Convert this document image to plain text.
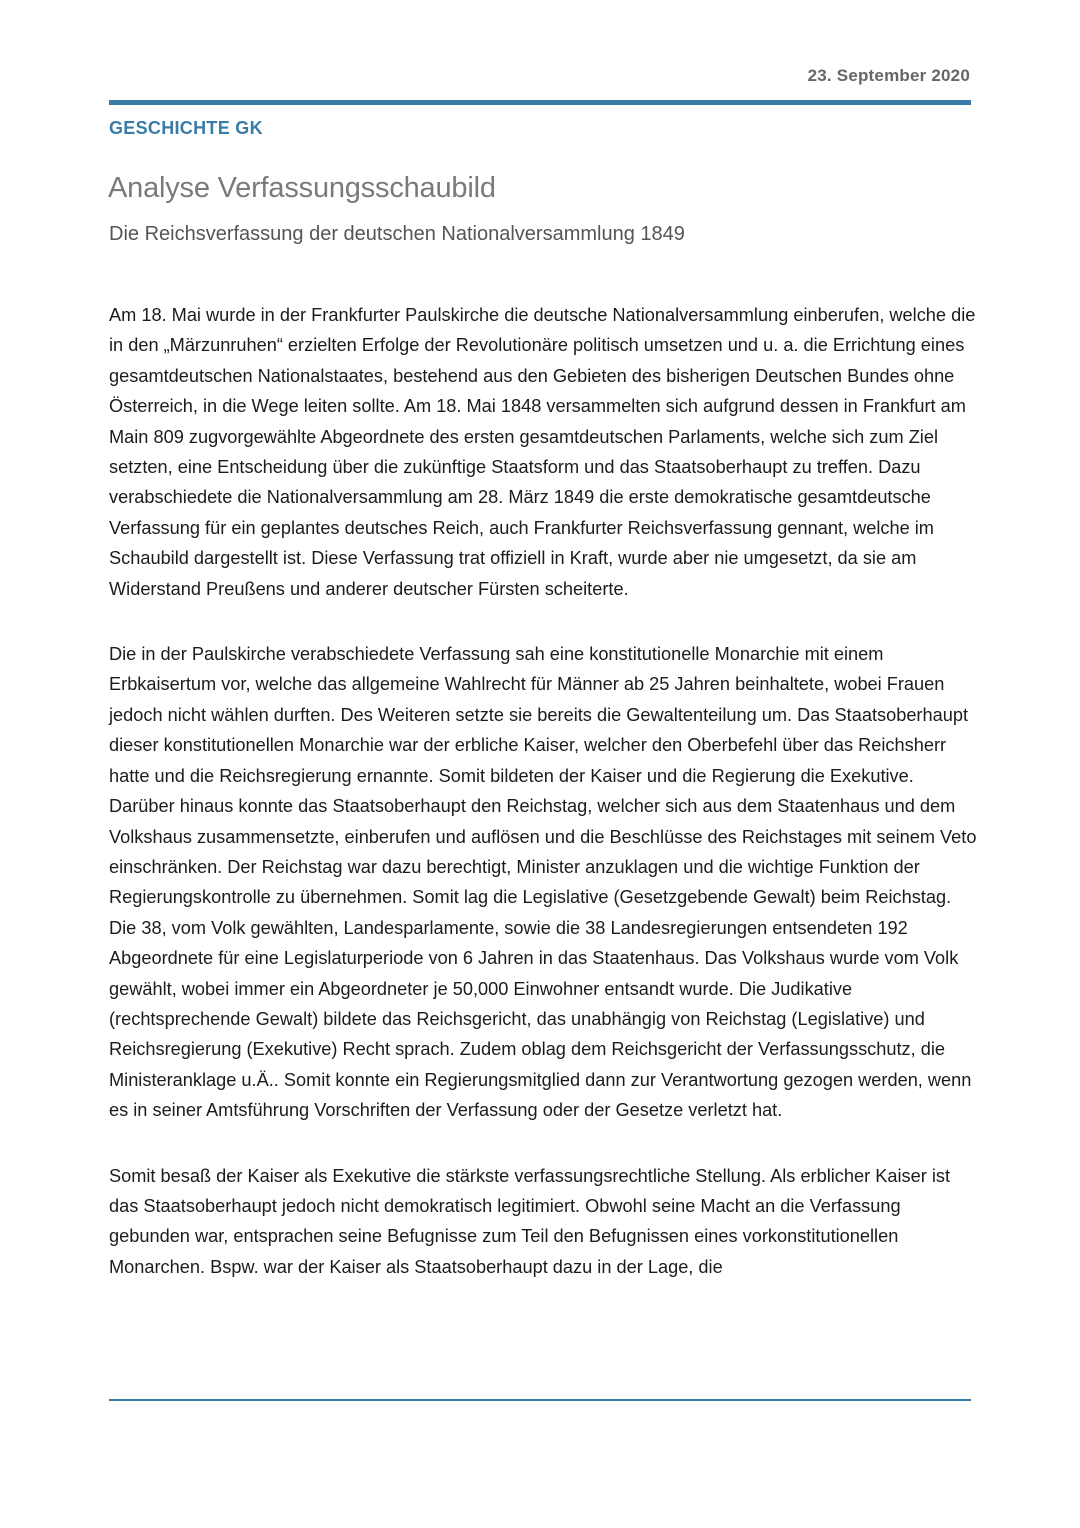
23. September 2020
GESCHICHTE GK
Analyse Verfassungsschaubild
Die Reichsverfassung der deutschen Nationalversammlung 1849

Am 18. Mai wurde in der Frankfurter Paulskirche die deutsche Nationalversammlung einberufen, welche die in den „Märzunruhen“ erzielten Erfolge der Revolutionäre politisch umsetzen und u. a. die Errichtung eines gesamtdeutschen Nationalstaates, bestehend aus den Gebieten des bisherigen Deutschen Bundes ohne Österreich, in die Wege leiten sollte. Am 18. Mai 1848 versammelten sich aufgrund dessen in Frankfurt am Main 809 zugvorgewählte Abgeordnete des ersten gesamtdeutschen Parlaments, welche sich zum Ziel setzten, eine Entscheidung über die zukünftige Staatsform und das Staatsoberhaupt zu treffen. Dazu verabschiedete die Nationalversammlung am 28. März 1849 die erste demokratische gesamtdeutsche Verfassung für ein geplantes deutsches Reich, auch Frankfurter Reichsverfassung gennant, welche im Schaubild dargestellt ist. Diese Verfassung trat offiziell in Kraft, wurde aber nie umgesetzt, da sie am Widerstand Preußens und anderer deutscher Fürsten scheiterte.

Die in der Paulskirche verabschiedete Verfassung sah eine konstitutionelle Monarchie mit einem Erbkaisertum vor, welche das allgemeine Wahlrecht für Männer ab 25 Jahren beinhaltete, wobei Frauen jedoch nicht wählen durften. Des Weiteren setzte sie bereits die Gewaltenteilung um. Das Staatsoberhaupt dieser konstitutionellen Monarchie war der erbliche Kaiser, welcher den Oberbefehl über das Reichsherr hatte und die Reichsregierung ernannte. Somit bildeten der Kaiser und die Regierung die Exekutive. Darüber hinaus konnte das Staatsoberhaupt den Reichstag, welcher sich aus dem Staatenhaus und dem Volkshaus zusammensetzte, einberufen und auflösen und die Beschlüsse des Reichstages mit seinem Veto einschränken. Der Reichstag war dazu berechtigt, Minister anzuklagen und die wichtige Funktion der Regierungskontrolle zu übernehmen. Somit lag die Legislative (Gesetzgebende Gewalt) beim Reichstag. Die 38, vom Volk gewählten, Landesparlamente, sowie die 38 Landesregierungen entsendeten 192 Abgeordnete für eine Legislaturperiode von 6 Jahren in das Staatenhaus. Das Volkshaus wurde vom Volk gewählt, wobei immer ein Abgeordneter je 50,000 Einwohner entsandt wurde. Die Judikative (rechtsprechende Gewalt) bildete das Reichsgericht, das unabhängig von Reichstag (Legislative) und Reichsregierung (Exekutive) Recht sprach. Zudem oblag dem Reichsgericht der Verfassungsschutz, die Ministeranklage u.Ä.. Somit konnte ein Regierungsmitglied dann zur Verantwortung gezogen werden, wenn es in seiner Amtsführung Vorschriften der Verfassung oder der Gesetze verletzt hat.

Somit besaß der Kaiser als Exekutive die stärkste verfassungsrechtliche Stellung. Als erblicher Kaiser ist das Staatsoberhaupt jedoch nicht demokratisch legitimiert. Obwohl seine Macht an die Verfassung gebunden war, entsprachen seine Befugnisse zum Teil den Befugnissen eines vorkonstitutionellen Monarchen. Bspw. war der Kaiser als Staatsoberhaupt dazu in der Lage, die
